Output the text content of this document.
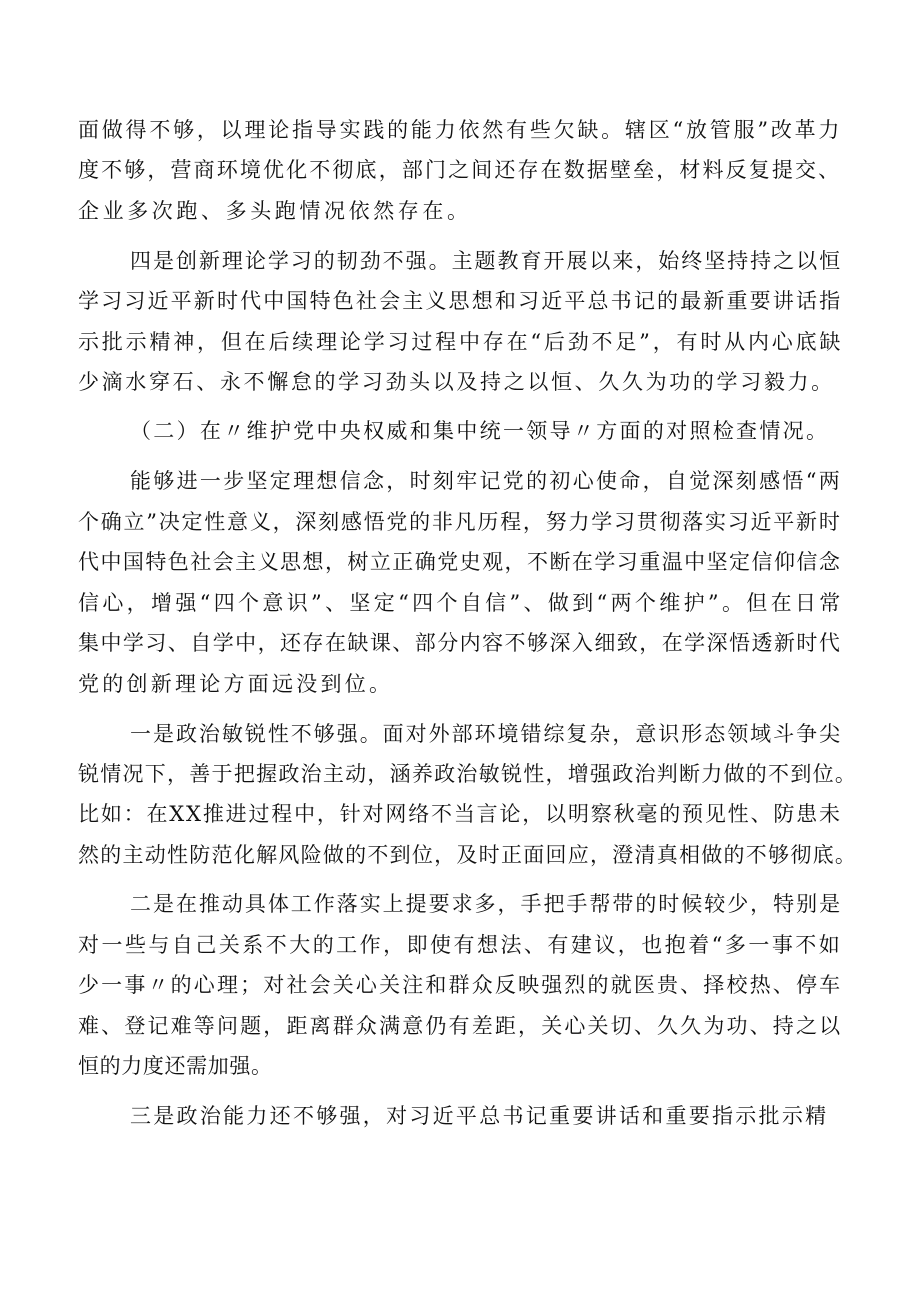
面做得不够，以理论指导实践的能力依然有些欠缺。辖区“放管服”改革力
度不够，营商环境优化不彻底，部门之间还存在数据壁垒，材料反复提交、
企业多次跑、多头跑情况依然存在。
四是创新理论学习的韧劲不强。主题教育开展以来，始终坚持持之以恒
学习习近平新时代中国特色社会主义思想和习近平总书记的最新重要讲话指
示批示精神，但在后续理论学习过程中存在“后劲不足”，有时从内心底缺
少滴水穿石、永不懈怠的学习劲头以及持之以恒、久久为功的学习毅力。
（二）在〃维护党中央权威和集中统一领导〃方面的对照检查情况。
能够进一步坚定理想信念，时刻牢记党的初心使命，自觉深刻感悟“两
个确立”决定性意义，深刻感悟党的非凡历程，努力学习贯彻落实习近平新时
代中国特色社会主义思想，树立正确党史观，不断在学习重温中坚定信仰信念
信心，增强“四个意识”、坚定“四个自信”、做到“两个维护”。但在日常
集中学习、自学中，还存在缺课、部分内容不够深入细致，在学深悟透新时代
党的创新理论方面远没到位。
一是政治敏锐性不够强。面对外部环境错综复杂，意识形态领域斗争尖
锐情况下，善于把握政治主动，涵养政治敏锐性，增强政治判断力做的不到位。
比如：在XX推进过程中，针对网络不当言论，以明察秋毫的预见性、防患未
然的主动性防范化解风险做的不到位，及时正面回应，澄清真相做的不够彻底。
二是在推动具体工作落实上提要求多，手把手帮带的时候较少，特别是
对一些与自己关系不大的工作，即使有想法、有建议，也抱着“多一事不如
少一事〃的心理；对社会关心关注和群众反映强烈的就医贵、择校热、停车
难、登记难等问题，距离群众满意仍有差距，关心关切、久久为功、持之以
恒的力度还需加强。
三是政治能力还不够强，对习近平总书记重要讲话和重要指示批示精
